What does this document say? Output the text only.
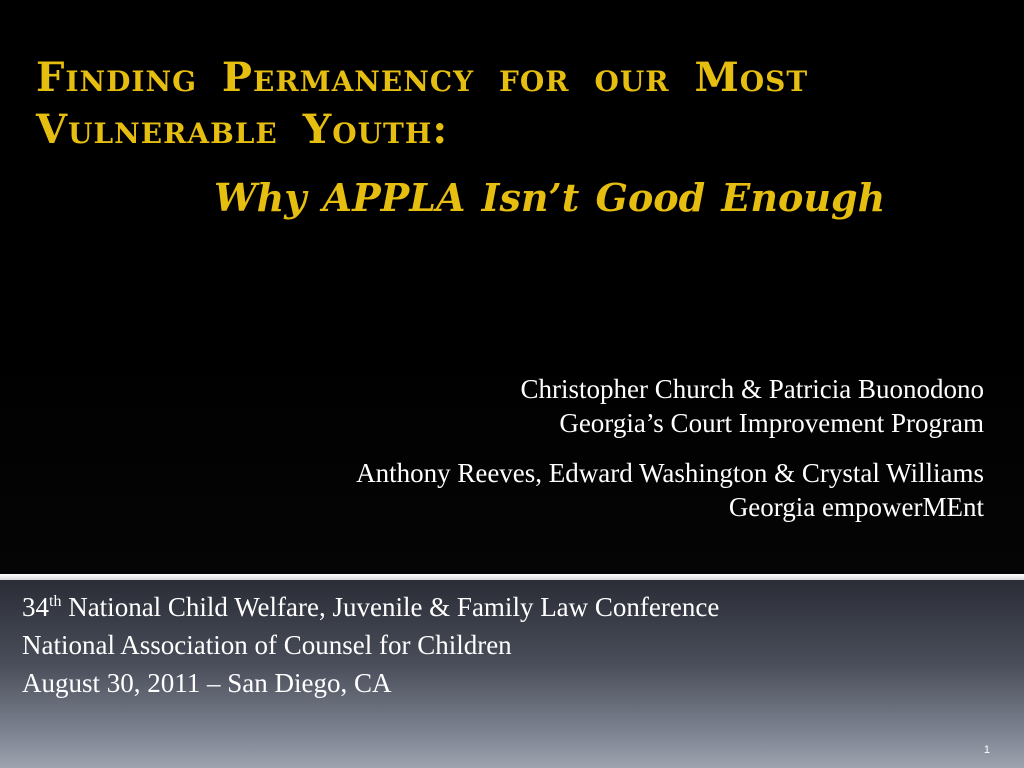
Finding Permanency for our Most
Vulnerable Youth:
Why APPLA Isn’t Good Enough
Christopher Church & Patricia Buonodono
Georgia’s Court Improvement Program
Anthony Reeves, Edward Washington & Crystal Williams
Georgia empowerMEnt
34th National Child Welfare, Juvenile & Family Law Conference
National Association of Counsel for Children
August 30, 2011 – San Diego, CA
1
